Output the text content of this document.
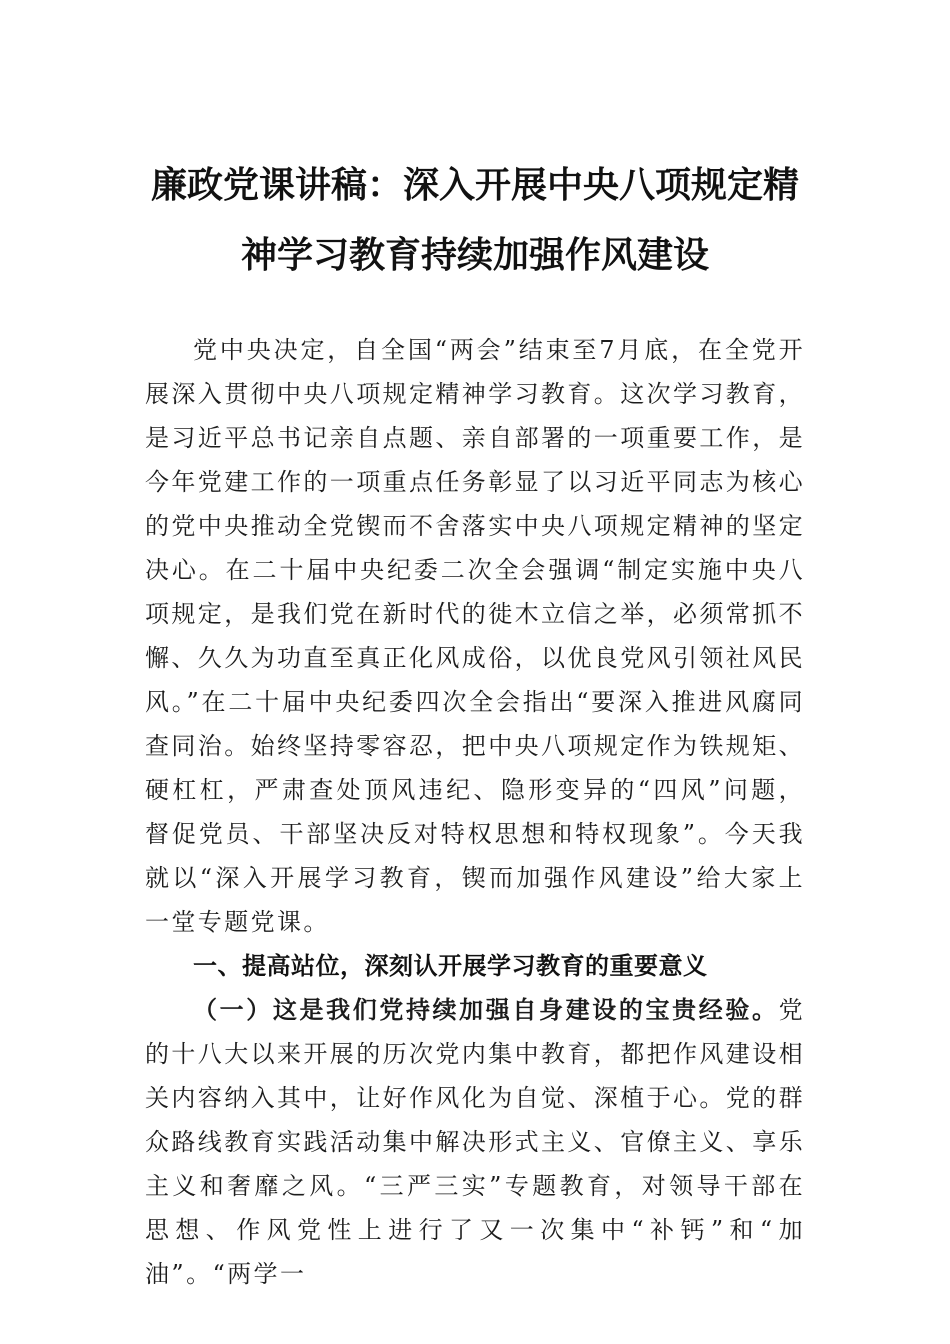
廉政党课讲稿：深入开展中央八项规定精
神学习教育持续加强作风建设

党中央决定，自全国“两会”结束至7月底，在全党开展深入贯彻中央八项规定精神学习教育。这次学习教育，是习近平总书记亲自点题、亲自部署的一项重要工作，是今年党建工作的一项重点任务彰显了以习近平同志为核心的党中央推动全党锲而不舍落实中央八项规定精神的坚定决心。在二十届中央纪委二次全会强调“制定实施中央八项规定，是我们党在新时代的徙木立信之举，必须常抓不懈、久久为功直至真正化风成俗，以优良党风引领社风民风。”在二十届中央纪委四次全会指出“要深入推进风腐同查同治。始终坚持零容忍，把中央八项规定作为铁规矩、硬杠杠，严肃查处顶风违纪、隐形变异的“四风”问题，督促党员、干部坚决反对特权思想和特权现象”。今天我就以“深入开展学习教育，锲而加强作风建设”给大家上一堂专题党课。

一、提高站位，深刻认开展学习教育的重要意义

（一）这是我们党持续加强自身建设的宝贵经验。党的十八大以来开展的历次党内集中教育，都把作风建设相关内容纳入其中，让好作风化为自觉、深植于心。党的群众路线教育实践活动集中解决形式主义、官僚主义、享乐主义和奢靡之风。“三严三实”专题教育，对领导干部在思想、作风党性上进行了又一次集中“补钙”和“加油”。“两学一
